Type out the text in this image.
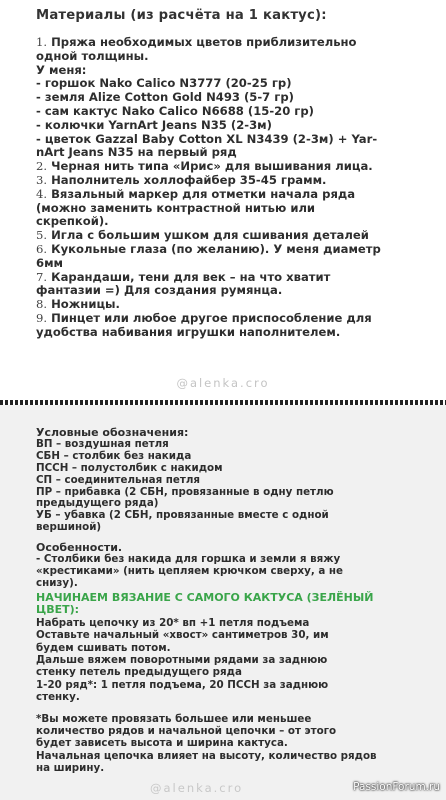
Материалы (из расчёта на 1 кактус):
1. Пряжа необходимых цветов приблизительно
одной толщины.
У меня:
- горшок Nako Calico N3777 (20-25 гр)
- земля Alize Cotton Gold N493 (5-7 гр)
- сам кактус Nako Calico N6688 (15-20 гр)
- колючки YarnArt Jeans N35 (2-3м)
- цветок Gazzal Baby Cotton XL N3439 (2-3м) + Yar-
nArt Jeans N35 на первый ряд
2. Черная нить типа «Ирис» для вышивания лица.
3. Наполнитель холлофайбер 35-45 грамм.
4. Вязальный маркер для отметки начала ряда
(можно заменить контрастной нитью или
скрепкой).
5. Игла с большим ушком для сшивания деталей
6. Кукольные глаза (по желанию). У меня диаметр
6мм
7. Карандаши, тени для век – на что хватит
фантазии =) Для создания румянца.
8. Ножницы.
9. Пинцет или любое другое приспособление для
удобства набивания игрушки наполнителем.
@alenka.cro
Условные обозначения:
ВП – воздушная петля
СБН – столбик без накида
ПССН – полустолбик с накидом
СП – соединительная петля
ПР – прибавка (2 СБН, провязанные в одну петлю
предыдущего ряда)
УБ – убавка (2 СБН, провязанные вместе с одной
вершиной)
Особенности.
- Столбики без накида для горшка и земли я вяжу
«крестиками» (нить цепляем крючком сверху, а не
снизу).
НАЧИНАЕМ ВЯЗАНИЕ С САМОГО КАКТУСА (ЗЕЛЁНЫЙ
ЦВЕТ):
Набрать цепочку из 20* вп +1 петля подъема
Оставьте начальный «хвост» сантиметров 30, им
будем сшивать потом.
Дальше вяжем поворотными рядами за заднюю
стенку петель предыдущего ряда
1-20 ряд*: 1 петля подъема, 20 ПССН за заднюю
стенку.
*Вы можете провязать большее или меньшее
количество рядов и начальной цепочки – от этого
будет зависеть высота и ширина кактуса.
Начальная цепочка влияет на высоту, количество рядов
на ширину.
@alenka.cro	PassionForum.ru
